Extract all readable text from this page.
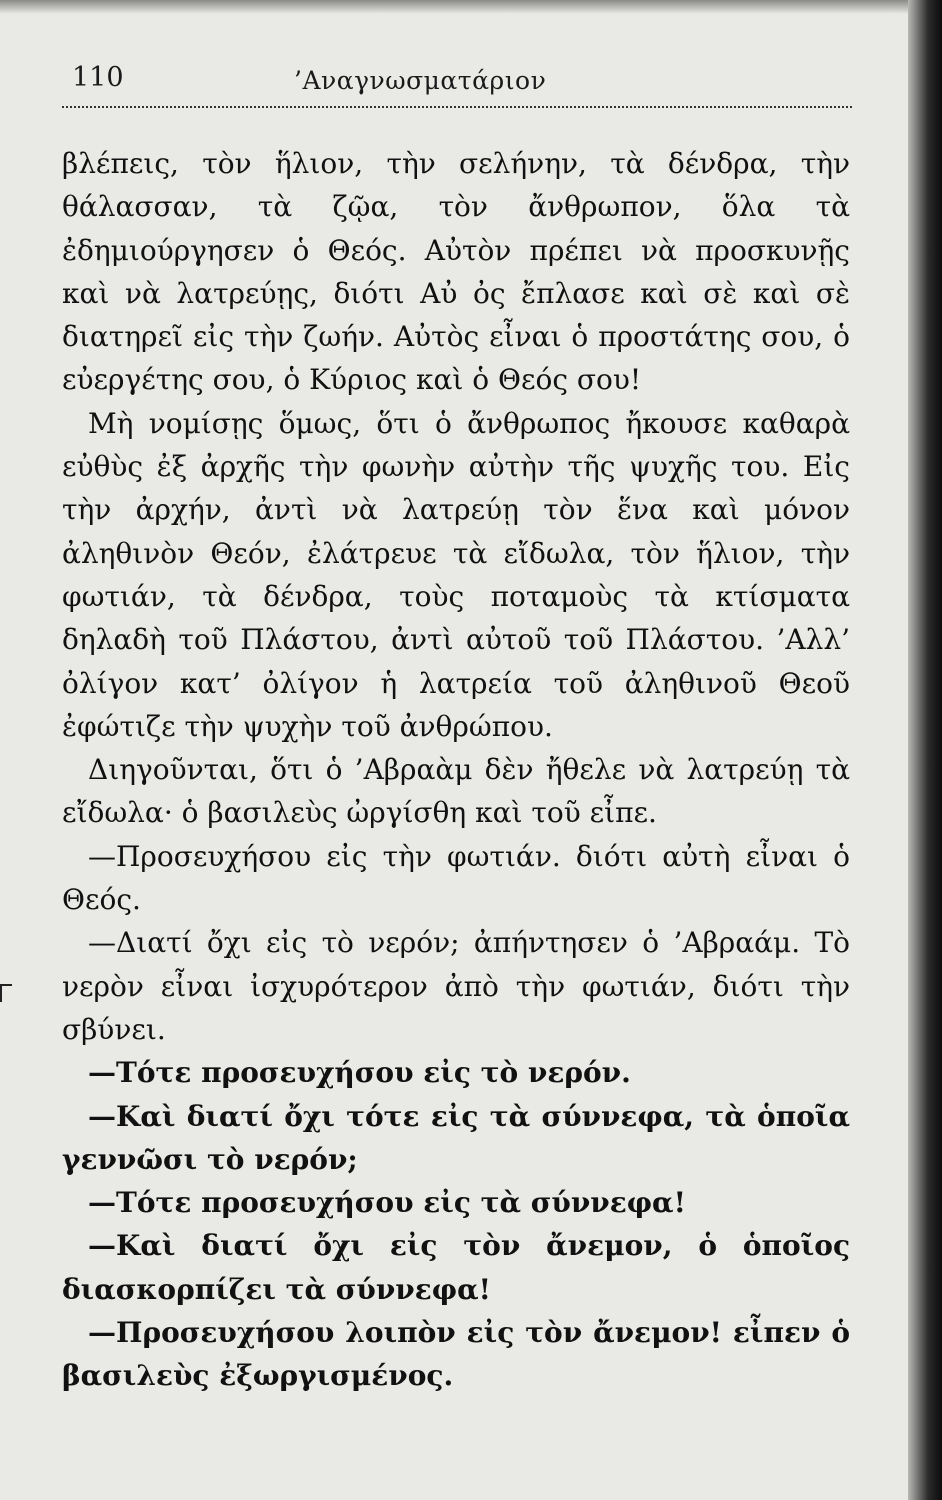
110	’Αναγνωσματάριον

βλέπεις, τὸν ἥλιον, τὴν σελήνην, τὰ δένδρα, τὴν θάλασσαν, τὰ ζῷα, τὸν ἄνθρωπον, ὅλα τὰ ἐδημιούργησεν ὁ Θεός. Αὐτὸν πρέπει νὰ προσκυνῇς καὶ νὰ λατρεύῃς, διότι Αὐ ὀς ἔπλασε καὶ σὲ καὶ σὲ διατηρεῖ εἰς τὴν ζωήν. Αὐτὸς εἶναι ὁ προστάτης σου, ὁ εὐεργέτης σου, ὁ Κύριος καὶ ὁ Θεός σου!

Μὴ νομίσῃς ὅμως, ὅτι ὁ ἄνθρωπος ἤκουσε καθαρὰ εὐθὺς ἐξ ἀρχῆς τὴν φωνὴν αὐτὴν τῆς ψυχῆς του. Εἰς τὴν ἀρχήν, ἀντὶ νὰ λατρεύῃ τὸν ἕνα καὶ μόνον ἀληθινὸν Θεόν, ἐλάτρευε τὰ εἴδωλα, τὸν ἥλιον, τὴν φωτιάν, τὰ δένδρα, τοὺς ποταμοὺς τὰ κτίσματα δηλαδὴ τοῦ Πλάστου, ἀντὶ αὐτοῦ τοῦ Πλάστου. ’Αλλ’ ὀλίγον κατ’ ὀλίγον ἡ λατρεία τοῦ ἀληθινοῦ Θεοῦ ἐφώτιζε τὴν ψυχὴν τοῦ ἀνθρώπου.

Διηγοῦνται, ὅτι ὁ ’Αβραὰμ δὲν ἤθελε νὰ λατρεύῃ τὰ εἴδωλα· ὁ βασιλεὺς ὠργίσθη καὶ τοῦ εἶπε.

—Προσευχήσου εἰς τὴν φωτιάν. διότι αὐτὴ εἶναι ὁ Θεός.

—Διατί ὄχι εἰς τὸ νερόν; ἀπήντησεν ὁ ’Αβραάμ. Τὸ νερὸν εἶναι ἰσχυρότερον ἀπὸ τὴν φωτιάν, διότι τὴν σβύνει.

—Τότε προσευχήσου εἰς τὸ νερόν.

—Καὶ διατί ὄχι τότε εἰς τὰ σύννεφα, τὰ ὁποῖα γεννῶσι τὸ νερόν;

—Τότε προσευχήσου εἰς τὰ σύννεφα!

—Καὶ διατί ὄχι εἰς τὸν ἄνεμον, ὁ ὁποῖος διασκορπίζει τὰ σύννεφα!

—Προσευχήσου λοιπὸν εἰς τὸν ἄνεμον! εἶπεν ὁ βασιλεὺς ἐξωργισμένος.
